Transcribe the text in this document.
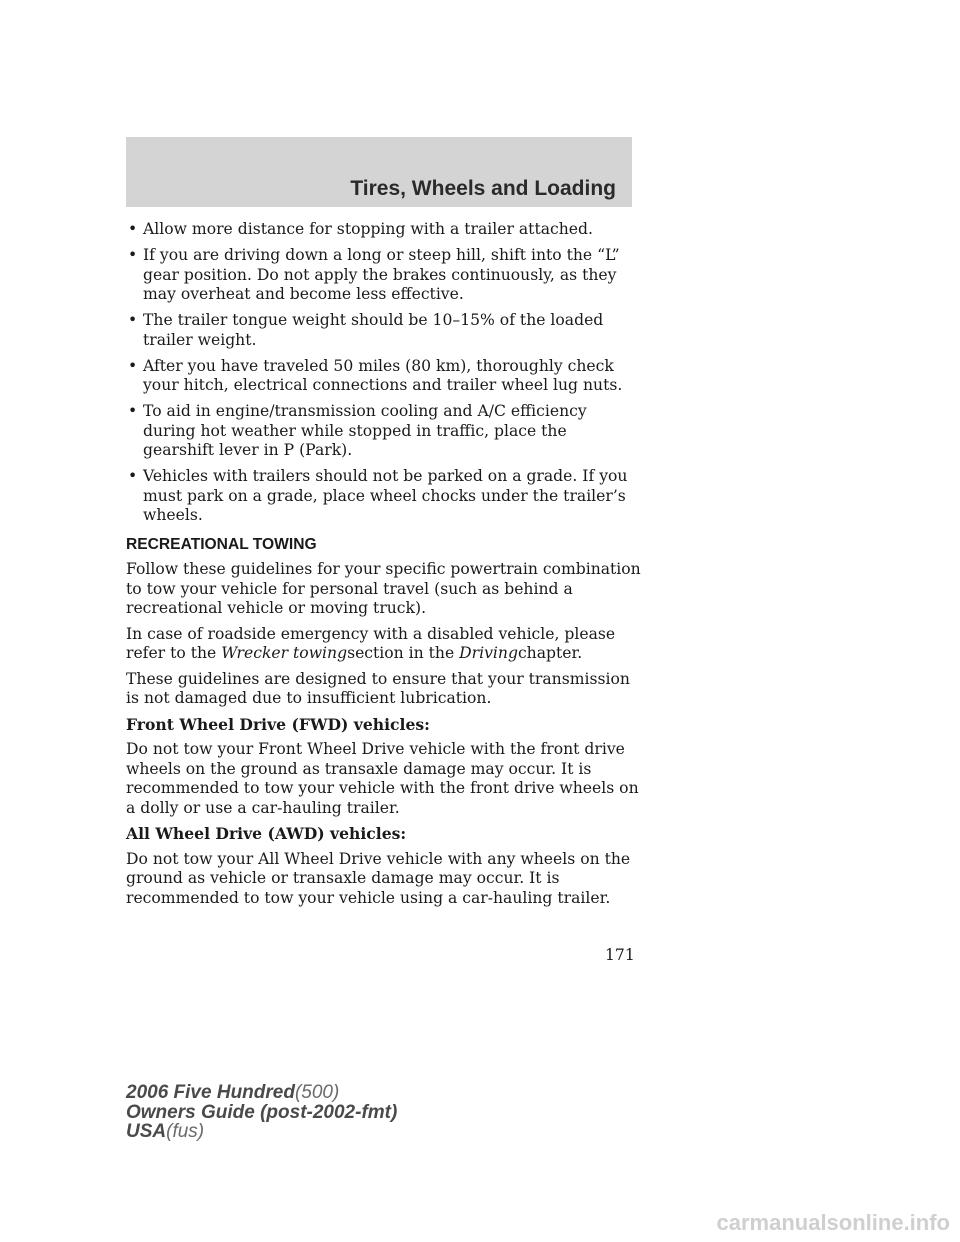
Tires, Wheels and Loading
• Allow more distance for stopping with a trailer attached.
• If you are driving down a long or steep hill, shift into the “L” gear position. Do not apply the brakes continuously, as they may overheat and become less effective.
• The trailer tongue weight should be 10–15% of the loaded trailer weight.
• After you have traveled 50 miles (80 km), thoroughly check your hitch, electrical connections and trailer wheel lug nuts.
• To aid in engine/transmission cooling and A/C efficiency during hot weather while stopped in traffic, place the gearshift lever in P (Park).
• Vehicles with trailers should not be parked on a grade. If you must park on a grade, place wheel chocks under the trailer’s wheels.
RECREATIONAL TOWING

Follow these guidelines for your specific powertrain combination to tow your vehicle for personal travel (such as behind a recreational vehicle or moving truck).

In case of roadside emergency with a disabled vehicle, please refer to the Wrecker towingsection in the Drivingchapter.

These guidelines are designed to ensure that your transmission is not damaged due to insufficient lubrication.

Front Wheel Drive (FWD) vehicles:

Do not tow your Front Wheel Drive vehicle with the front drive wheels on the ground as transaxle damage may occur. It is recommended to tow your vehicle with the front drive wheels on a dolly or use a car-hauling trailer.

All Wheel Drive (AWD) vehicles:

Do not tow your All Wheel Drive vehicle with any wheels on the ground as vehicle or transaxle damage may occur. It is recommended to tow your vehicle using a car-hauling trailer.

171
2006 Five Hundred(500)
Owners Guide (post-2002-fmt)
USA(fus)
carmanualsonline.info
